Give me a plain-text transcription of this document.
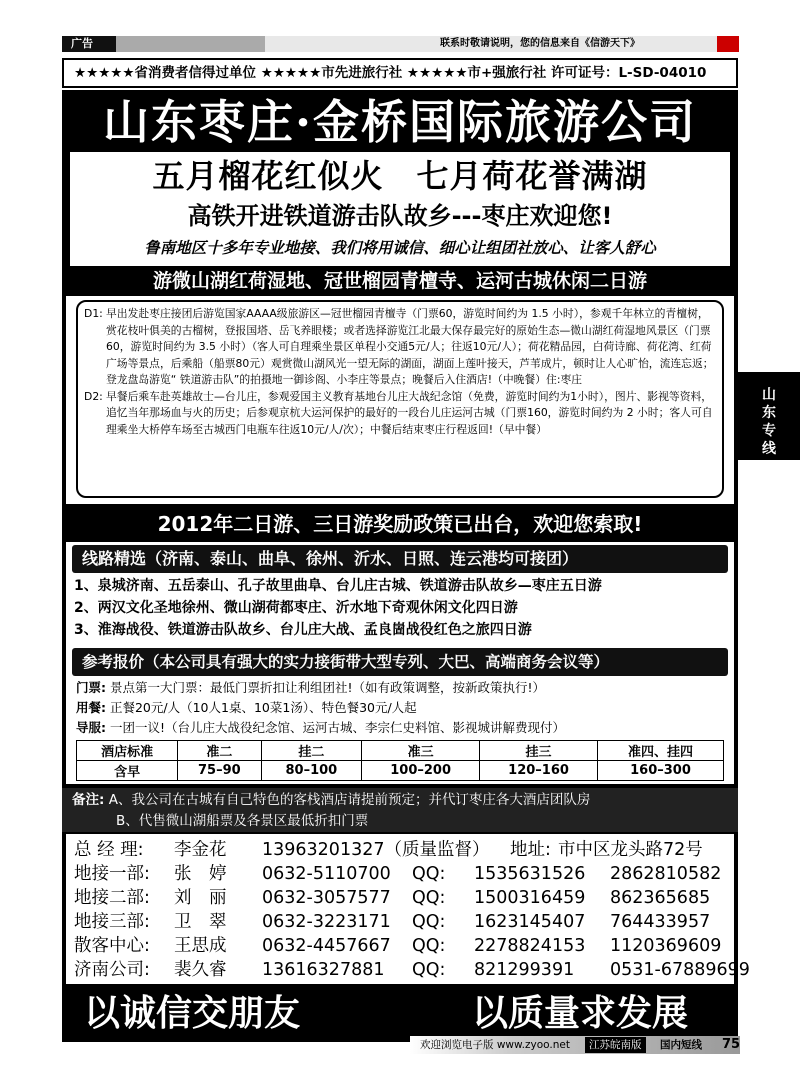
广告	联系时敬请说明，您的信息来自《信游天下》
★★★★★省消费者信得过单位 ★★★★★市先进旅行社 ★★★★★市+强旅行社 许可证号：L-SD-04010
山东枣庄·金桥国际旅游公司
五月榴花红似火　七月荷花誉满湖
高铁开进铁道游击队故乡---枣庄欢迎您!
鲁南地区十多年专业地接、我们将用诚信、细心让组团社放心、让客人舒心
游微山湖红荷湿地、冠世榴园青檀寺、运河古城休闲二日游

D1: 早出发赴枣庄接团后游览国家AAAA级旅游区—冠世榴园青檀寺（门票60，游览时间约为 1.5 小时），参观千年林立的青檀树，赏花枝叶俱美的古榴树，登报国塔、岳飞养眼楼；或者选择游览江北最大保存最完好的原始生态—微山湖红荷湿地风景区（门票 60，游览时间约为 3.5 小时）（客人可自理乘坐景区单程小交通5元/人；往返10元/人）；荷花精品园，白荷诗廊、荷花湾、红荷广场等景点，后乘船（船票80元）观赏微山湖风光一望无际的湖面，湖面上莲叶接天，芦苇成片，顿时让人心旷怡，流连忘返；登龙盘岛游览“ 铁道游击队”的拍摄地一御诊阁、小李庄等景点；晚餐后入住酒店!（中晚餐）住:枣庄

D2: 早餐后乘车赴英雄故士—台儿庄，参观爱国主义教育基地台儿庄大战纪念馆（免费，游览时间约为1小时），图片、影视等资料，追忆当年那场血与火的历史；后参观京杭大运河保护的最好的一段台儿庄运河古城（门票160，游览时间约为 2 小时；客人可自理乘坐大桥停车场至古城西门电瓶车往返10元/人/次）；中餐后结束枣庄行程返回!（早中餐）

2012年二日游、三日游奖励政策已出台，欢迎您索取!
线路精选（济南、泰山、曲阜、徐州、沂水、日照、连云港均可接团）
1、泉城济南、五岳泰山、孔子故里曲阜、台儿庄古城、铁道游击队故乡—枣庄五日游
2、两汉文化圣地徐州、微山湖荷都枣庄、沂水地下奇观休闲文化四日游
3、淮海战役、铁道游击队故乡、台儿庄大战、孟良崮战役红色之旅四日游
参考报价（本公司具有强大的实力接街带大型专列、大巴、高端商务会议等）
门票: 景点第一大门票：最低门票折扣让利组团社!（如有政策调整，按新政策执行!）
用餐: 正餐20元/人（10人1桌、10菜1汤）、特色餐30元/人起
导服: 一团一议!（台儿庄大战役纪念馆、运河古城、李宗仁史料馆、影视城讲解费现付）
酒店标准	准二	挂二	准三	挂三	准四、挂四
含早	75–90	80–100	100–200	120–160	160–300
备注: A、我公司在古城有自己特色的客栈酒店请提前预定；并代订枣庄各大酒店团队房
B、代售微山湖船票及各景区最低折扣门票
总 经 理: 李金花 13963201327（质量监督） 地址: 市中区龙头路72号
地接一部: 张　婷 0632-5110700 QQ: 1535631526 2862810582
地接二部: 刘　丽 0632-3057577 QQ: 1500316459 862365685
地接三部: 卫　翠 0632-3223171 QQ: 1623145407 764433957
散客中心: 王思成 0632-4457667 QQ: 2278824153 1120369609
济南公司: 裴久睿 13616327881 QQ: 821299391 0531-67889699
以诚信交朋友	以质量求发展
山
东
专
线
欢迎浏览电子版 www.zyoo.net	江苏皖南版	国内短线 75
